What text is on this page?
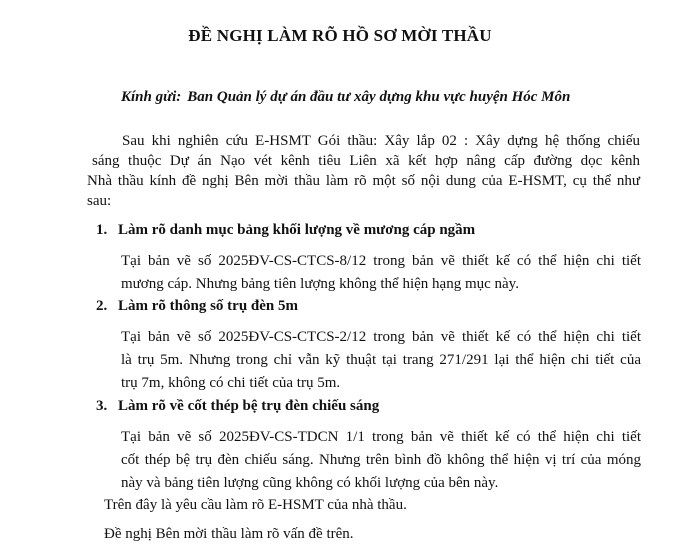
ĐỀ NGHỊ LÀM RÕ HỒ SƠ MỜI THẦU
Kính gửi: Ban Quản lý dự án đầu tư xây dựng khu vực huyện Hóc Môn
Sau khi nghiên cứu E-HSMT Gói thầu: Xây lắp 02 : Xây dựng hệ thống chiếu
sáng thuộc Dự án Nạo vét kênh tiêu Liên xã kết hợp nâng cấp đường dọc kênh
Nhà thầu kính đề nghị Bên mời thầu làm rõ một số nội dung của E-HSMT, cụ thể như
sau:
1. Làm rõ danh mục bảng khối lượng về mương cáp ngầm
Tại bản vẽ số 2025ĐV-CS-CTCS-8/12 trong bản vẽ thiết kế có thể hiện chi tiết
mương cáp. Nhưng bảng tiên lượng không thể hiện hạng mục này.
2. Làm rõ thông số trụ đèn 5m
Tại bản vẽ số 2025ĐV-CS-CTCS-2/12 trong bản vẽ thiết kế có thể hiện chi tiết
là trụ 5m. Nhưng trong chỉ vẫn kỹ thuật tại trang 271/291 lại thể hiện chi tiết của
trụ 7m, không có chi tiết của trụ 5m.
3. Làm rõ về cốt thép bệ trụ đèn chiếu sáng
Tại bản vẽ số 2025ĐV-CS-TDCN 1/1 trong bản vẽ thiết kế có thể hiện chi tiết
cốt thép bệ trụ đèn chiếu sáng. Nhưng trên bình đồ không thể hiện vị trí của móng
này và bảng tiên lượng cũng không có khối lượng của bên này.
Trên đây là yêu cầu làm rõ E-HSMT của nhà thầu.
Đề nghị Bên mời thầu làm rõ vấn đề trên.
